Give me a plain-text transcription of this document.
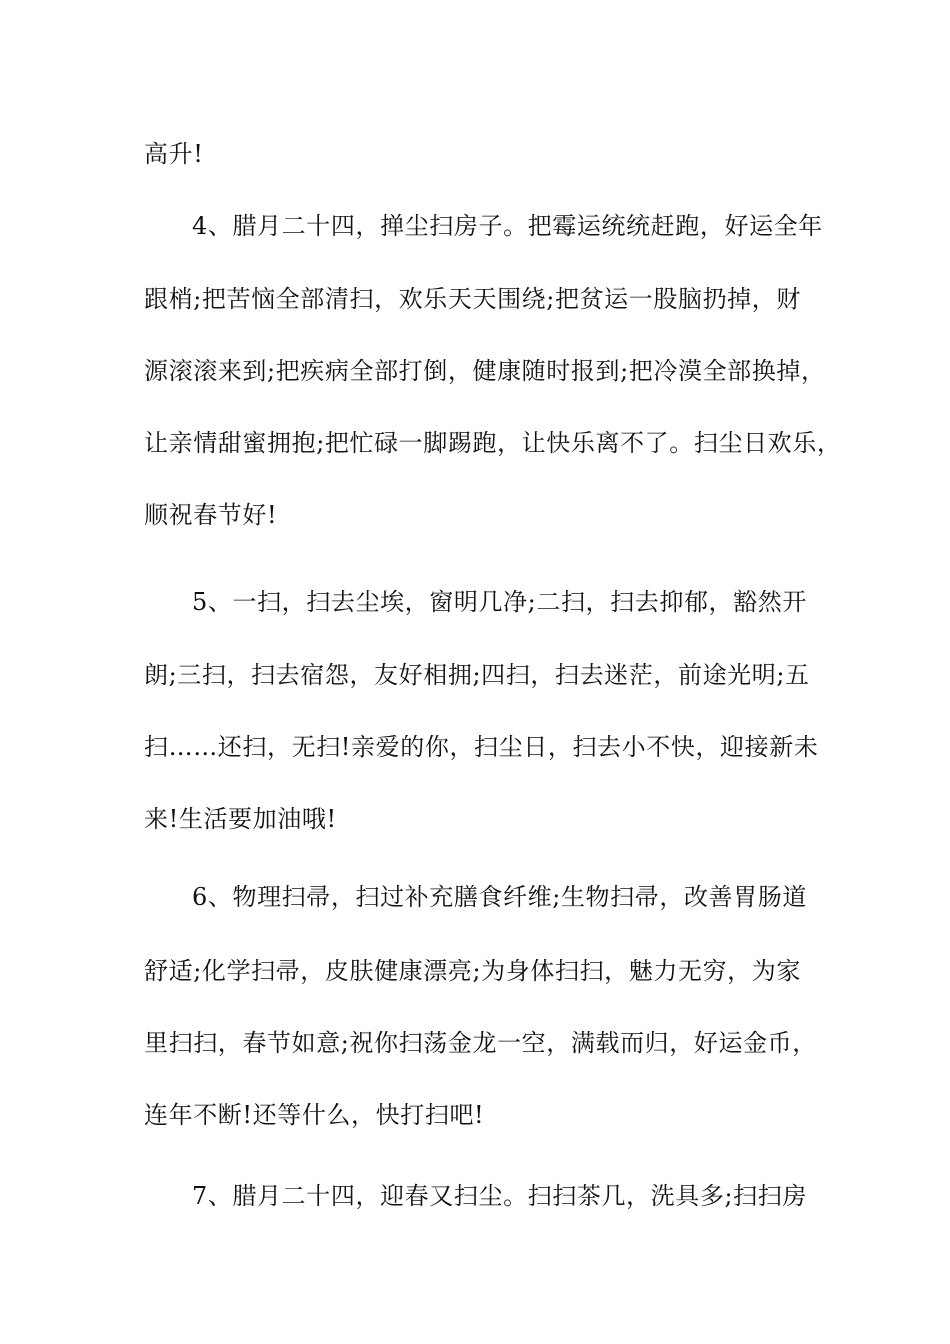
高升!
4、腊月二十四，掸尘扫房子。把霉运统统赶跑，好运全年
跟梢;把苦恼全部清扫，欢乐天天围绕;把贫运一股脑扔掉，财
源滚滚来到;把疾病全部打倒，健康随时报到;把冷漠全部换掉，
让亲情甜蜜拥抱;把忙碌一脚踢跑，让快乐离不了。扫尘日欢乐，
顺祝春节好!
5、一扫，扫去尘埃，窗明几净;二扫，扫去抑郁，豁然开
朗;三扫，扫去宿怨，友好相拥;四扫，扫去迷茫，前途光明;五
扫……还扫，无扫!亲爱的你，扫尘日，扫去小不快，迎接新未
来!生活要加油哦!
6、物理扫帚，扫过补充膳食纤维;生物扫帚，改善胃肠道
舒适;化学扫帚，皮肤健康漂亮;为身体扫扫，魅力无穷，为家
里扫扫，春节如意;祝你扫荡金龙一空，满载而归，好运金币，
连年不断!还等什么，快打扫吧!
7、腊月二十四，迎春又扫尘。扫扫茶几，洗具多;扫扫房
